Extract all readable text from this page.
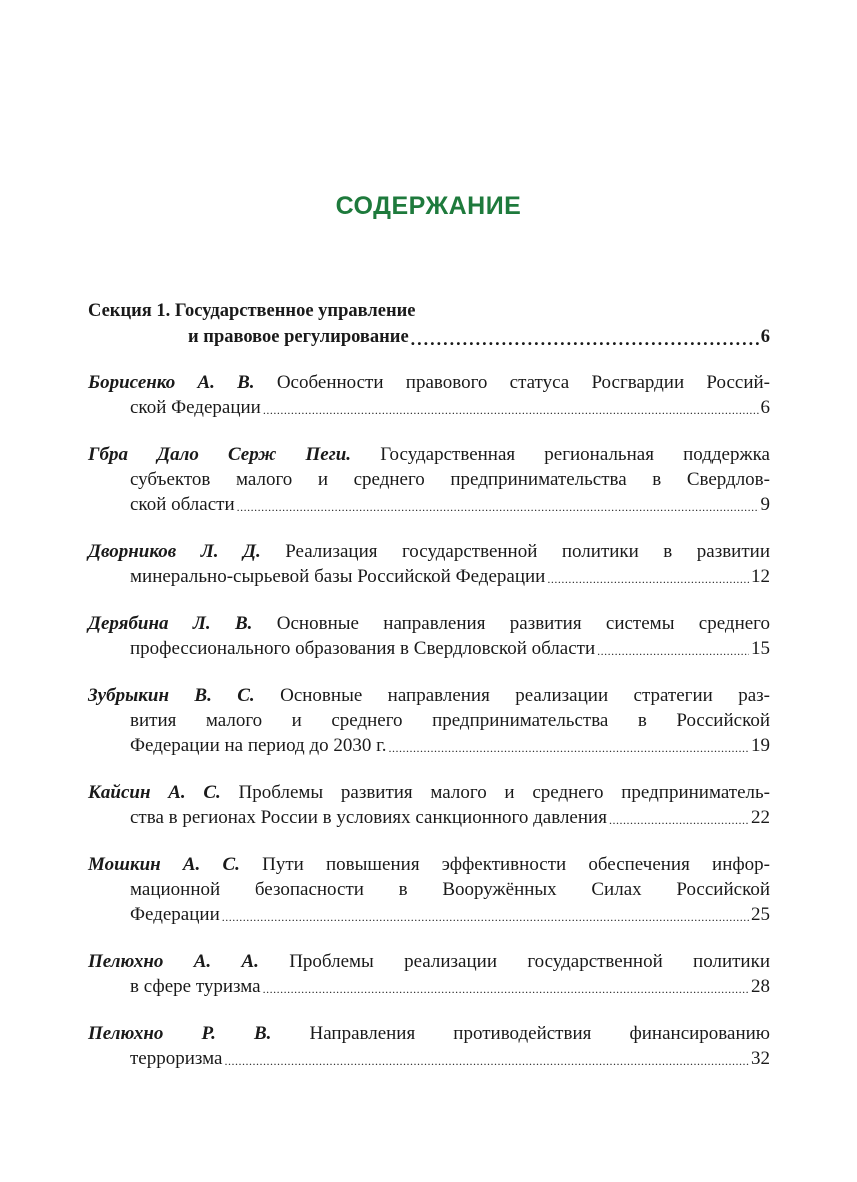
СОДЕРЖАНИЕ
Секция 1. Государственное управление
и правовое регулирование .....	6
Борисенко А. В. Особенности правового статуса Росгвардии Россий-
ской Федерации .....	6
Гбра Дало Серж Пеги. Государственная региональная поддержка
субъектов малого и среднего предпринимательства в Свердлов-
ской области .....	9
Дворников Л. Д. Реализация государственной политики в развитии
минерально-сырьевой базы Российской Федерации .....	12
Дерябина Л. В. Основные направления развития системы среднего
профессионального образования в Свердловской области .....	15
Зубрыкин В. С. Основные направления реализации стратегии раз-
вития малого и среднего предпринимательства в Российской
Федерации на период до 2030 г. .....	19
Кайсин А. С. Проблемы развития малого и среднего предприниматель-
ства в регионах России в условиях санкционного давления .....	22
Мошкин А. С. Пути повышения эффективности обеспечения инфор-
мационной безопасности в Вооружённых Силах Российской
Федерации .....	25
Пелюхно А. А. Проблемы реализации государственной политики
в сфере туризма .....	28
Пелюхно Р. В. Направления противодействия финансированию
терроризма .....	32
